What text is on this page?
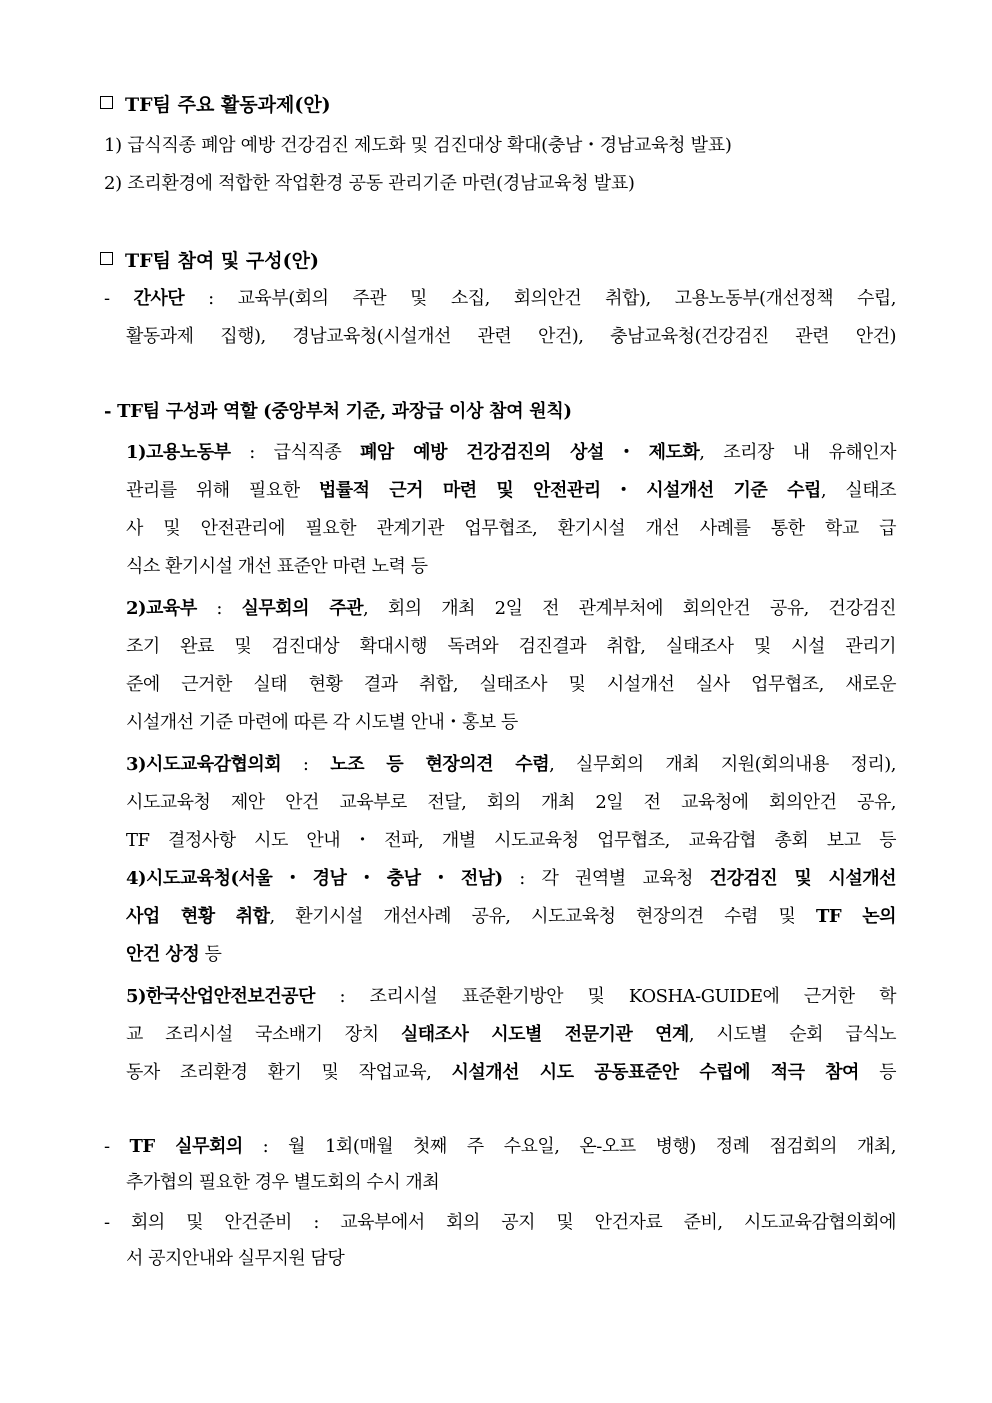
TF팀 주요 활동과제(안)
1) 급식직종 폐암 예방 건강검진 제도화 및 검진대상 확대(충남・경남교육청 발표)
2) 조리환경에 적합한 작업환경 공동 관리기준 마련(경남교육청 발표)
TF팀 참여 및 구성(안)
- 간사단 : 교육부(회의 주관 및 소집, 회의안건 취합), 고용노동부(개선정책 수립,
활동과제 집행), 경남교육청(시설개선 관련 안건), 충남교육청(건강검진 관련 안건)
- TF팀 구성과 역할 (중앙부처 기준, 과장급 이상 참여 원칙)
1)고용노동부 : 급식직종 폐암 예방 건강검진의 상설・제도화, 조리장 내 유해인자
관리를 위해 필요한 법률적 근거 마련 및 안전관리・시설개선 기준 수립, 실태조
사 및 안전관리에 필요한 관계기관 업무협조, 환기시설 개선 사례를 통한 학교 급
식소 환기시설 개선 표준안 마련 노력 등
2)교육부 : 실무회의 주관, 회의 개최 2일 전 관계부처에 회의안건 공유, 건강검진
조기 완료 및 검진대상 확대시행 독려와 검진결과 취합, 실태조사 및 시설 관리기
준에 근거한 실태 현황 결과 취합, 실태조사 및 시설개선 실사 업무협조, 새로운
시설개선 기준 마련에 따른 각 시도별 안내・홍보 등
3)시도교육감협의회 : 노조 등 현장의견 수렴, 실무회의 개최 지원(회의내용 정리),
시도교육청 제안 안건 교육부로 전달, 회의 개최 2일 전 교육청에 회의안건 공유,
TF 결정사항 시도 안내・전파, 개별 시도교육청 업무협조, 교육감협 총회 보고 등
4)시도교육청(서울・경남・충남・전남) : 각 권역별 교육청 건강검진 및 시설개선
사업 현황 취합, 환기시설 개선사례 공유, 시도교육청 현장의견 수렴 및 TF 논의
안건 상정 등
5)한국산업안전보건공단 : 조리시설 표준환기방안 및 KOSHA-GUIDE에 근거한 학
교 조리시설 국소배기 장치 실태조사 시도별 전문기관 연계, 시도별 순회 급식노
동자 조리환경 환기 및 작업교육, 시설개선 시도 공동표준안 수립에 적극 참여 등
- TF 실무회의 : 월 1회(매월 첫째 주 수요일, 온-오프 병행) 정례 점검회의 개최,
추가협의 필요한 경우 별도회의 수시 개최
- 회의 및 안건준비 : 교육부에서 회의 공지 및 안건자료 준비, 시도교육감협의회에
서 공지안내와 실무지원 담당
